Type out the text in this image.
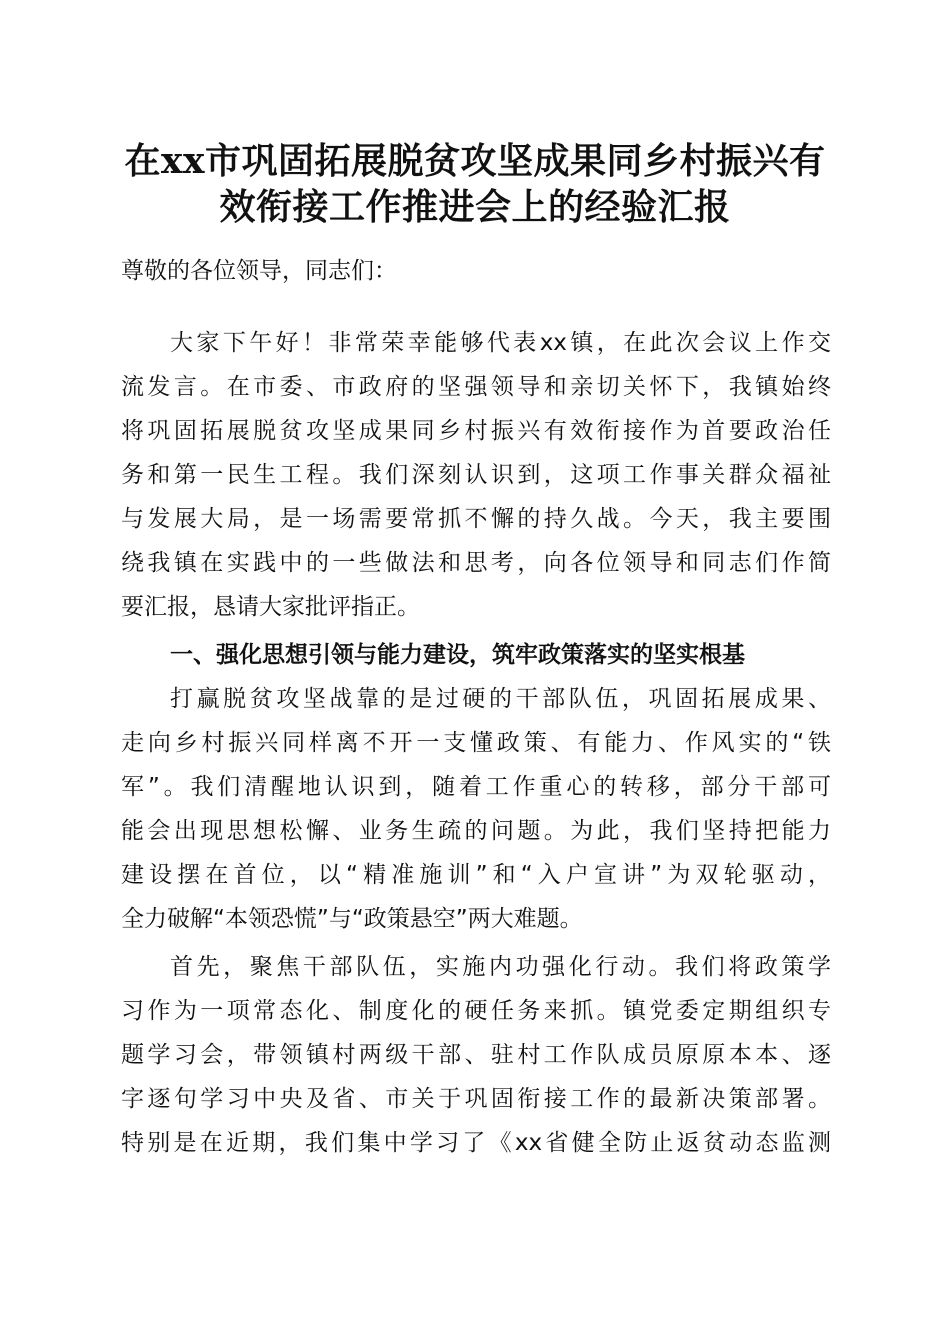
在xx市巩固拓展脱贫攻坚成果同乡村振兴有
效衔接工作推进会上的经验汇报
尊敬的各位领导，同志们：
大家下午好！非常荣幸能够代表xx镇，在此次会议上作交
流发言。在市委、市政府的坚强领导和亲切关怀下，我镇始终
将巩固拓展脱贫攻坚成果同乡村振兴有效衔接作为首要政治任
务和第一民生工程。我们深刻认识到，这项工作事关群众福祉
与发展大局，是一场需要常抓不懈的持久战。今天，我主要围
绕我镇在实践中的一些做法和思考，向各位领导和同志们作简
要汇报，恳请大家批评指正。
一、强化思想引领与能力建设，筑牢政策落实的坚实根基
打赢脱贫攻坚战靠的是过硬的干部队伍，巩固拓展成果、
走向乡村振兴同样离不开一支懂政策、有能力、作风实的“铁
军”。我们清醒地认识到，随着工作重心的转移，部分干部可
能会出现思想松懈、业务生疏的问题。为此，我们坚持把能力
建设摆在首位，以“精准施训”和“入户宣讲”为双轮驱动，
全力破解“本领恐慌”与“政策悬空”两大难题。
首先，聚焦干部队伍，实施内功强化行动。我们将政策学
习作为一项常态化、制度化的硬任务来抓。镇党委定期组织专
题学习会，带领镇村两级干部、驻村工作队成员原原本本、逐
字逐句学习中央及省、市关于巩固衔接工作的最新决策部署。
特别是在近期，我们集中学习了《xx省健全防止返贫动态监测
